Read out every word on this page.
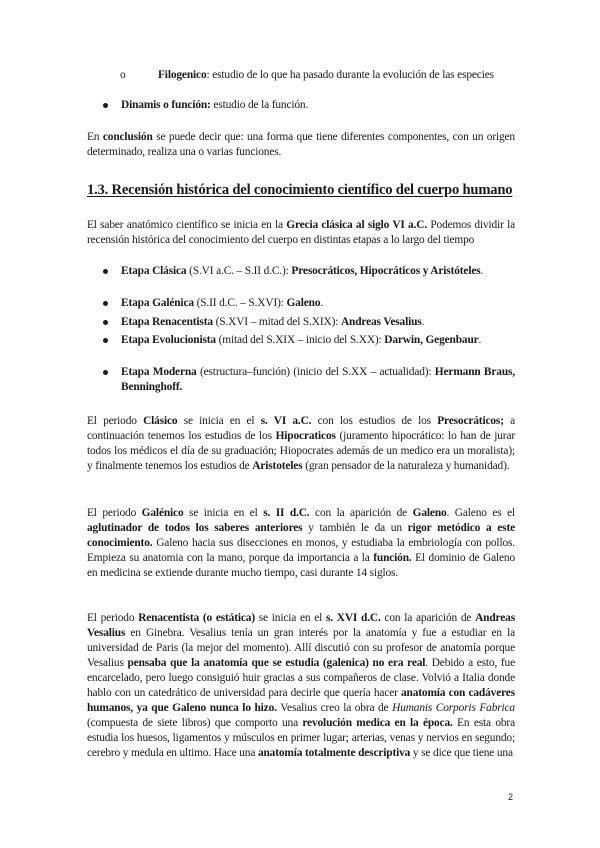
o	Filogenico: estudio de lo que ha pasado durante la evolución de las especies

Dinamis o función: estudio de la función.

En conclusión se puede decir que: una forma que tiene diferentes componentes, con un origen determinado, realiza una o varias funciones.

1.3. Recensión histórica del conocimiento científico del cuerpo humano

El saber anatómico científico se inicia en la Grecia clásica al siglo VI a.C. Podemos dividir la recensión histórica del conocimiento del cuerpo en distintas etapas a lo largo del tiempo

Etapa Clásica (S.VI a.C. – S.II d.C.): Presocráticos, Hipocráticos y Aristóteles.

Etapa Galénica (S.II d.C. – S.XVI): Galeno.

Etapa Renacentista (S.XVI – mitad del S.XIX): Andreas Vesalius.

Etapa Evolucionista (mitad del S.XIX – inicio del S.XX): Darwin, Gegenbaur.

Etapa Moderna (estructura–función) (inicio del S.XX – actualidad): Hermann Braus, Benninghoff.

El periodo Clásico se inicia en el s. VI a.C. con los estudios de los Presocráticos; a continuación tenemos los estudios de los Hipocraticos (juramento hipocrático: lo han de jurar todos los médicos el día de su graduación; Hiopocrates además de un medico era un moralista); y finalmente tenemos los estudios de Aristoteles (gran pensador de la naturaleza y humanidad).

El periodo Galénico se inicia en el s. II d.C. con la aparición de Galeno. Galeno es el aglutinador de todos los saberes anteriores y también le da un rigor metódico a este conocimiento. Galeno hacia sus disecciones en monos, y estudiaba la embriología con pollos. Empieza su anatomia con la mano, porque da importancia a la función. El dominio de Galeno en medicina se extiende durante mucho tiempo, casi durante 14 siglos.

El periodo Renacentista (o estática) se inicia en el s. XVI d.C. con la aparición de Andreas Vesalius en Ginebra. Vesalius tenía un gran interés por la anatomía y fue a estudiar en la universidad de Paris (la mejor del momento). Allí discutió con su profesor de anatomía porque Vesalius pensaba que la anatomía que se estudia (galenica) no era real. Debido a esto, fue encarcelado, pero luego consiguió huir gracias a sus compañeros de clase. Volvió a Italia donde hablo con un catedrático de universidad para decirle que quería hacer anatomía con cadáveres humanos, ya que Galeno nunca lo hizo. Vesalius creo la obra de Humanis Corporis Fabrica (compuesta de siete libros) que comporto una revolución medica en la época. En esta obra estudia los huesos, ligamentos y músculos en primer lugar; arterias, venas y nervios en segundo; cerebro y medula en ultimo. Hace una anatomía totalmente descriptiva y se dice que tiene una

2
